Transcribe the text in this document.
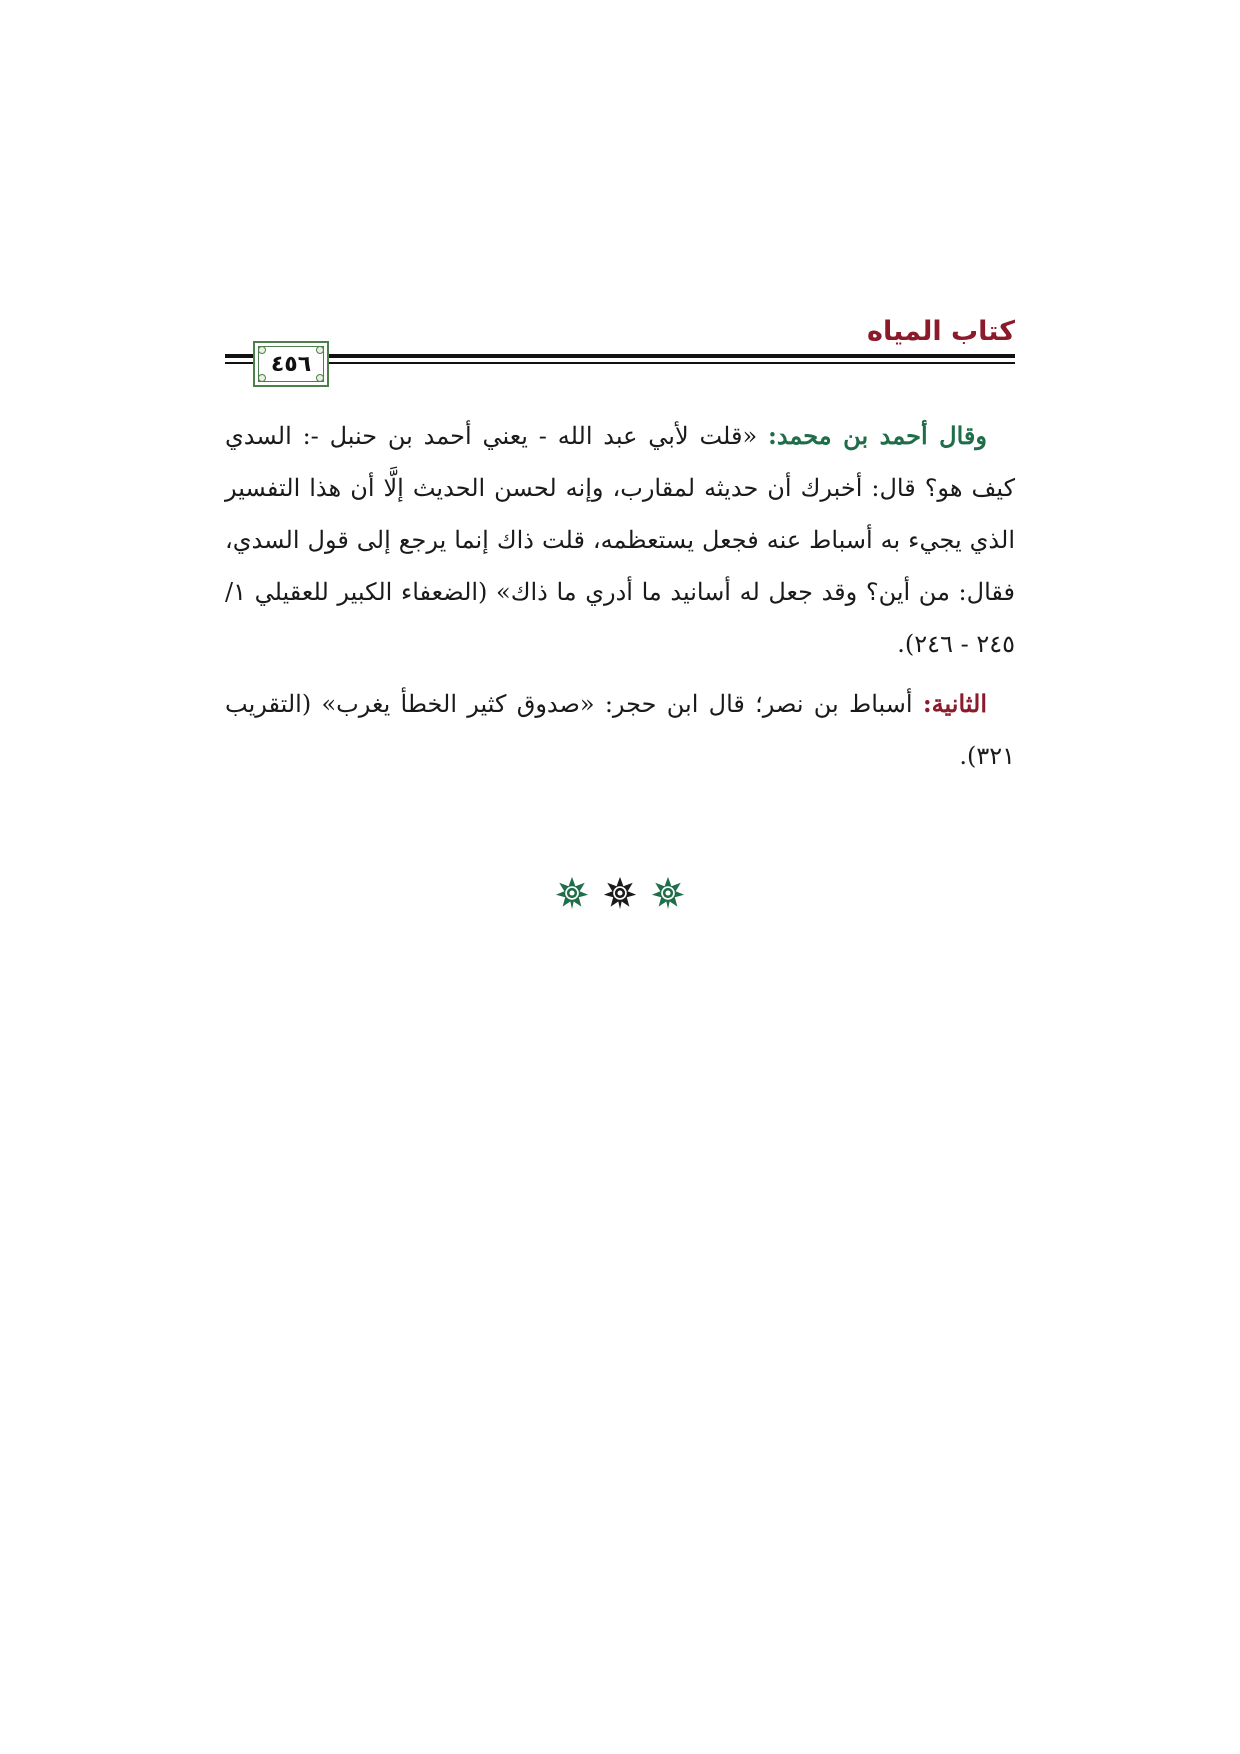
كتاب المياه
٤٥٦

وقال أحمد بن محمد: «قلت لأبي عبد الله - يعني أحمد بن حنبل -: السدي كيف هو؟ قال: أخبرك أن حديثه لمقارب، وإنه لحسن الحديث إلَّا أن هذا التفسير الذي يجيء به أسباط عنه فجعل يستعظمه، قلت ذاك إنما يرجع إلى قول السدي، فقال: من أين؟ وقد جعل له أسانيد ما أدري ما ذاك» (الضعفاء الكبير للعقيلي ١/ ٢٤٥ - ٢٤٦).

الثانية: أسباط بن نصر؛ قال ابن حجر: «صدوق كثير الخطأ يغرب» (التقريب ٣٢١).
